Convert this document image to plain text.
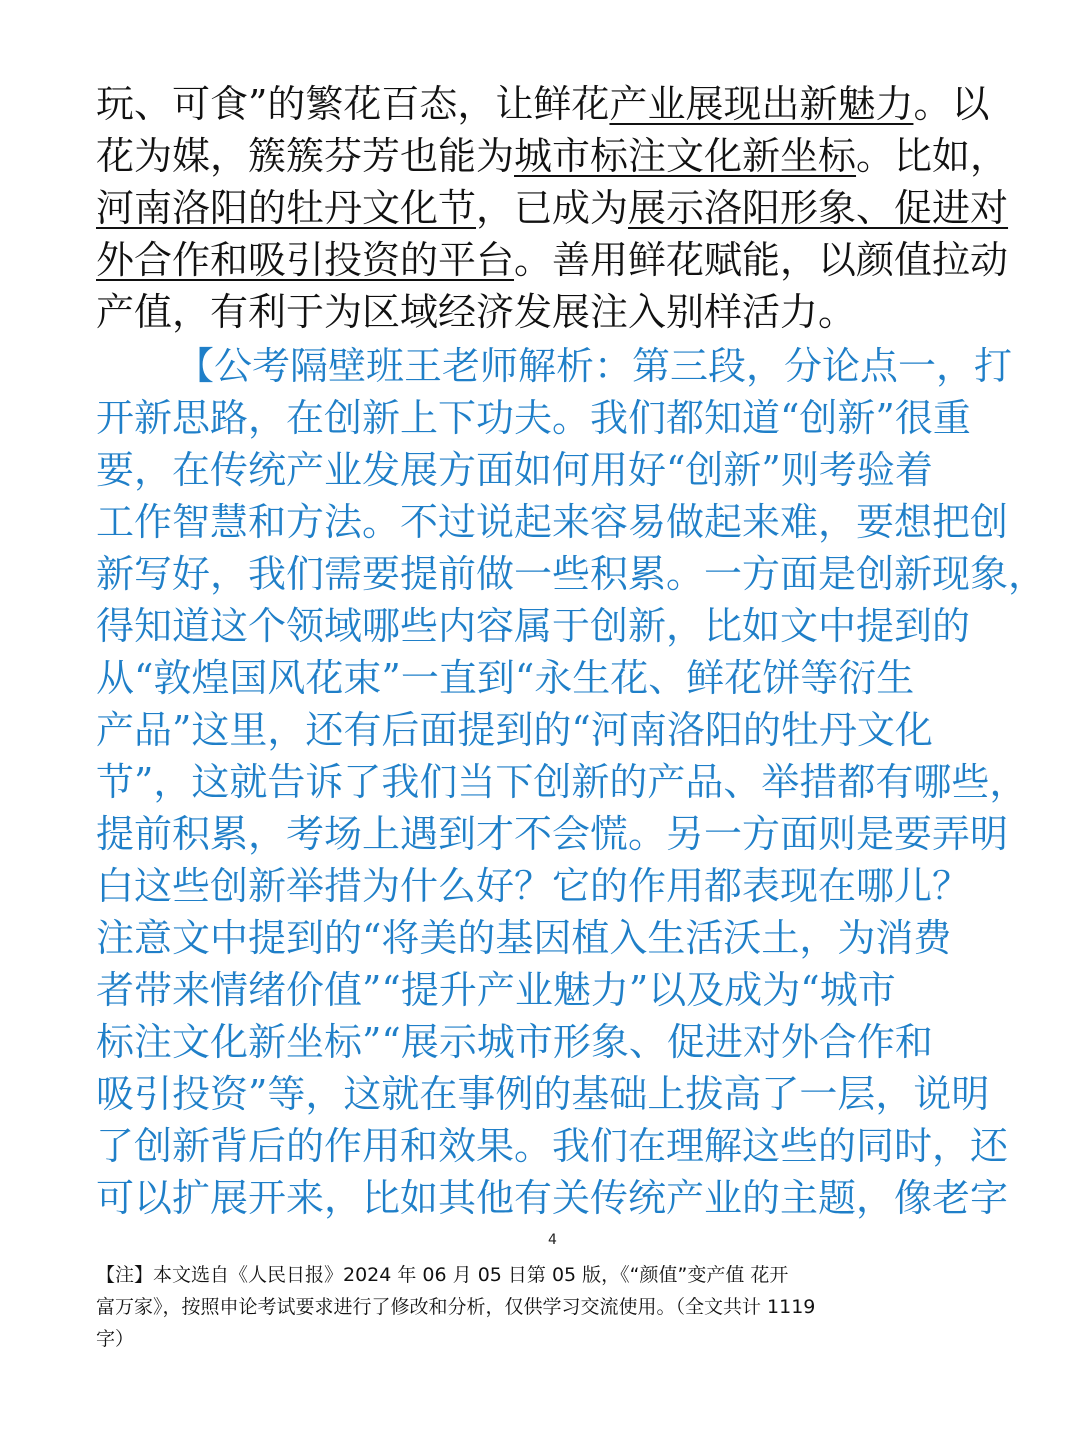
玩、可食”的繁花百态，让鲜花产业展现出新魅力。以
花为媒，簇簇芬芳也能为城市标注文化新坐标。比如，
河南洛阳的牡丹文化节，已成为展示洛阳形象、促进对
外合作和吸引投资的平台。善用鲜花赋能，以颜值拉动
产值，有利于为区域经济发展注入别样活力。
【公考隔壁班王老师解析：第三段，分论点一，打
开新思路，在创新上下功夫。我们都知道“创新”很重
要，在传统产业发展方面如何用好“创新”则考验着
工作智慧和方法。不过说起来容易做起来难，要想把创
新写好，我们需要提前做一些积累。一方面是创新现象，
得知道这个领域哪些内容属于创新，比如文中提到的
从“敦煌国风花束”一直到“永生花、鲜花饼等衍生
产品”这里，还有后面提到的“河南洛阳的牡丹文化
节”，这就告诉了我们当下创新的产品、举措都有哪些，
提前积累，考场上遇到才不会慌。另一方面则是要弄明
白这些创新举措为什么好？它的作用都表现在哪儿？
注意文中提到的“将美的基因植入生活沃土，为消费
者带来情绪价值”“提升产业魅力”以及成为“城市
标注文化新坐标”“展示城市形象、促进对外合作和
吸引投资”等，这就在事例的基础上拔高了一层，说明
了创新背后的作用和效果。我们在理解这些的同时，还
可以扩展开来，比如其他有关传统产业的主题，像老字
4
【注】本文选自《人民日报》2024 年 06 月 05 日第 05 版，《“颜值”变产值 花开
富万家》，按照申论考试要求进行了修改和分析，仅供学习交流使用。（全文共计 1119
字）
